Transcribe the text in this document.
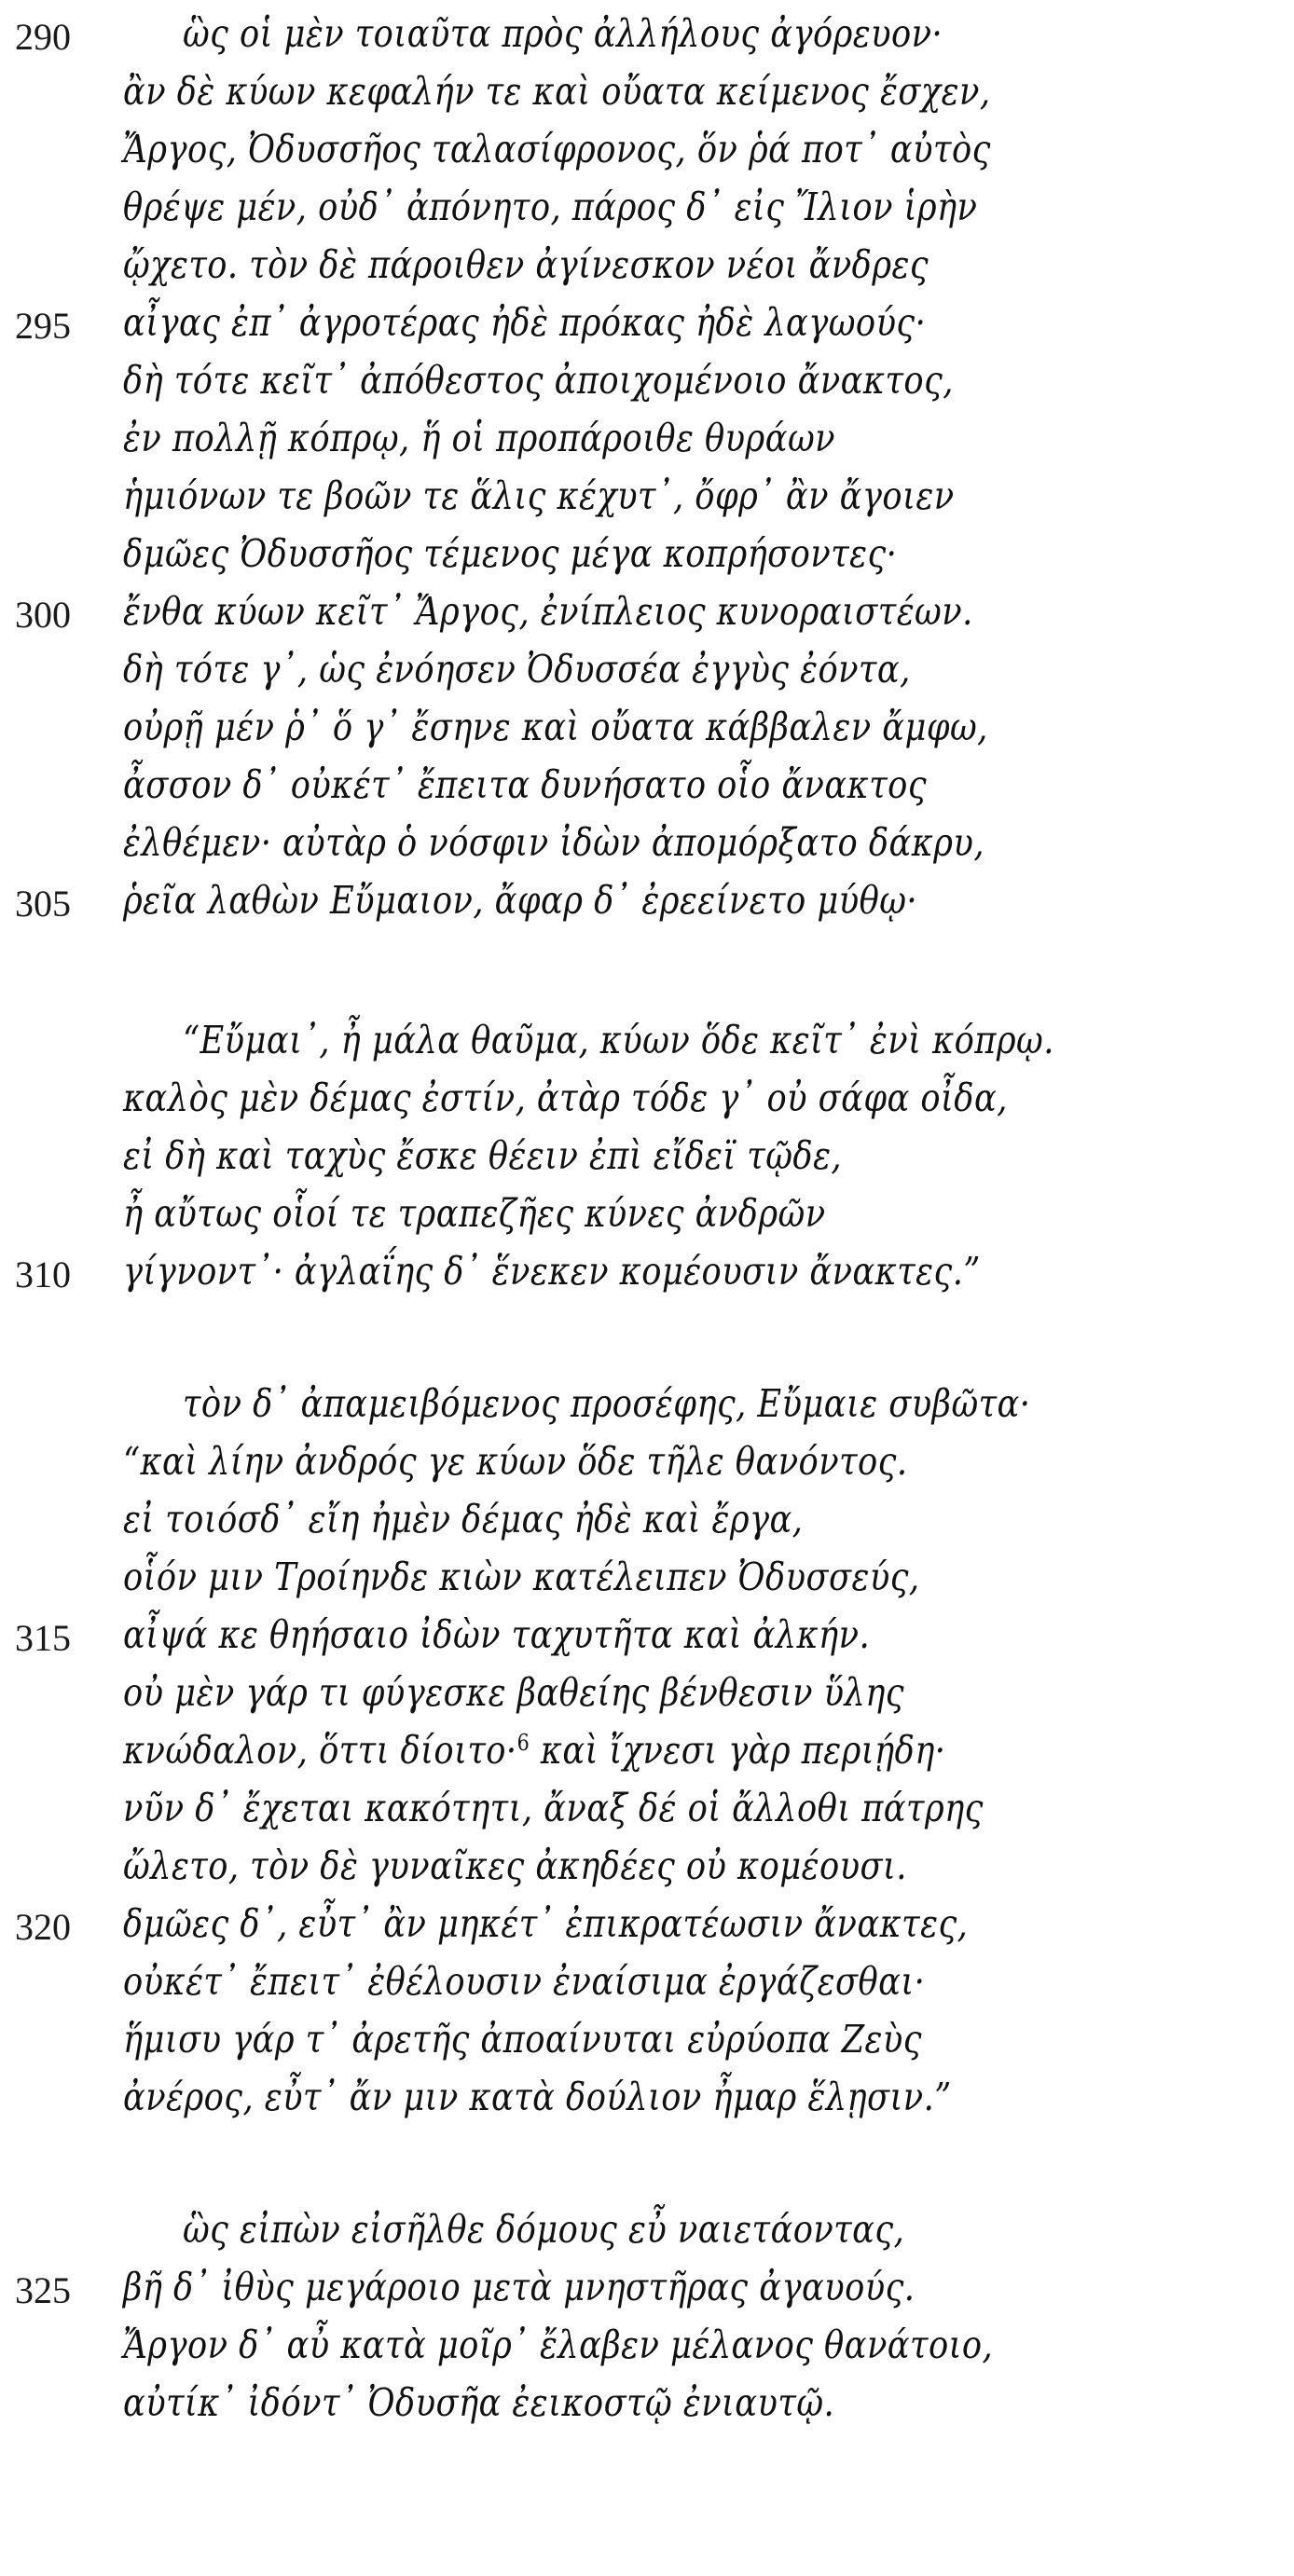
290	ὣς οἱ μὲν τοιαῦτα πρὸς ἀλλήλους ἀγόρευον·
ἂν δὲ κύων κεφαλήν τε καὶ οὔατα κείμενος ἔσχεν,
Ἄργος, Ὀδυσσῆος ταλασίφρονος, ὅν ῥά ποτ᾽ αὐτὸς
θρέψε μέν, οὐδ᾽ ἀπόνητο, πάρος δ᾽ εἰς Ἴλιον ἱρὴν
ᾤχετο. τὸν δὲ πάροιθεν ἀγίνεσκον νέοι ἄνδρες
295 αἶγας ἐπ᾽ ἀγροτέρας ἠδὲ πρόκας ἠδὲ λαγωούς·
δὴ τότε κεῖτ᾽ ἀπόθεστος ἀποιχομένοιο ἄνακτος,
ἐν πολλῇ κόπρῳ, ἥ οἱ προπάροιθε θυράων
ἡμιόνων τε βοῶν τε ἅλις κέχυτ᾽, ὄφρ᾽ ἂν ἄγοιεν
δμῶες Ὀδυσσῆος τέμενος μέγα κοπρήσοντες·
300 ἔνθα κύων κεῖτ᾽ Ἄργος, ἐνίπλειος κυνοραιστέων.
δὴ τότε γ᾽, ὡς ἐνόησεν Ὀδυσσέα ἐγγὺς ἐόντα,
οὐρῇ μέν ῥ᾽ ὅ γ᾽ ἔσηνε καὶ οὔατα κάββαλεν ἄμφω,
ἆσσον δ᾽ οὐκέτ᾽ ἔπειτα δυνήσατο οἷο ἄνακτος
ἐλθέμεν· αὐτὰρ ὁ νόσφιν ἰδὼν ἀπομόρξατο δάκρυ,
305 ῥεῖα λαθὼν Εὔμαιον, ἄφαρ δ᾽ ἐρεείνετο μύθῳ·
“Εὔμαι᾽, ἦ μάλα θαῦμα, κύων ὅδε κεῖτ᾽ ἐνὶ κόπρῳ.
καλὸς μὲν δέμας ἐστίν, ἀτὰρ τόδε γ᾽ οὐ σάφα οἶδα,
εἰ δὴ καὶ ταχὺς ἔσκε θέειν ἐπὶ εἴδεϊ τῷδε,
ἦ αὔτως οἷοί τε τραπεζῆες κύνες ἀνδρῶν
310 γίγνοντ᾽· ἀγλαΐης δ᾽ ἕνεκεν κομέουσιν ἄνακτες.”
τὸν δ᾽ ἀπαμειβόμενος προσέφης, Εὔμαιε συβῶτα·
“καὶ λίην ἀνδρός γε κύων ὅδε τῆλε θανόντος.
εἰ τοιόσδ᾽ εἴη ἠμὲν δέμας ἠδὲ καὶ ἔργα,
οἷόν μιν Τροίηνδε κιὼν κατέλειπεν Ὀδυσσεύς,
315 αἶψά κε θηήσαιο ἰδὼν ταχυτῆτα καὶ ἀλκήν.
οὐ μὲν γάρ τι φύγεσκε βαθείης βένθεσιν ὕλης
κνώδαλον, ὅττι δίοιτο·$^6$ καὶ ἴχνεσι γὰρ περιῄδη·
νῦν δ᾽ ἔχεται κακότητι, ἄναξ δέ οἱ ἄλλοθι πάτρης
ὤλετο, τὸν δὲ γυναῖκες ἀκηδέες οὐ κομέουσι.
320 δμῶες δ᾽, εὖτ᾽ ἂν μηκέτ᾽ ἐπικρατέωσιν ἄνακτες,
οὐκέτ᾽ ἔπειτ᾽ ἐθέλουσιν ἐναίσιμα ἐργάζεσθαι·
ἥμισυ γάρ τ᾽ ἀρετῆς ἀποαίνυται εὐρύοπα Ζεὺς
ἀνέρος, εὖτ᾽ ἄν μιν κατὰ δούλιον ἦμαρ ἕλῃσιν.”
ὣς εἰπὼν εἰσῆλθε δόμους εὖ ναιετάοντας,
325 βῆ δ᾽ ἰθὺς μεγάροιο μετὰ μνηστῆρας ἀγαυούς.
Ἄργον δ᾽ αὖ κατὰ μοῖρ᾽ ἔλαβεν μέλανος θανάτοιο,
αὐτίκ᾽ ἰδόντ᾽ Ὀδυσῆα ἐεικοστῷ ἐνιαυτῷ.
